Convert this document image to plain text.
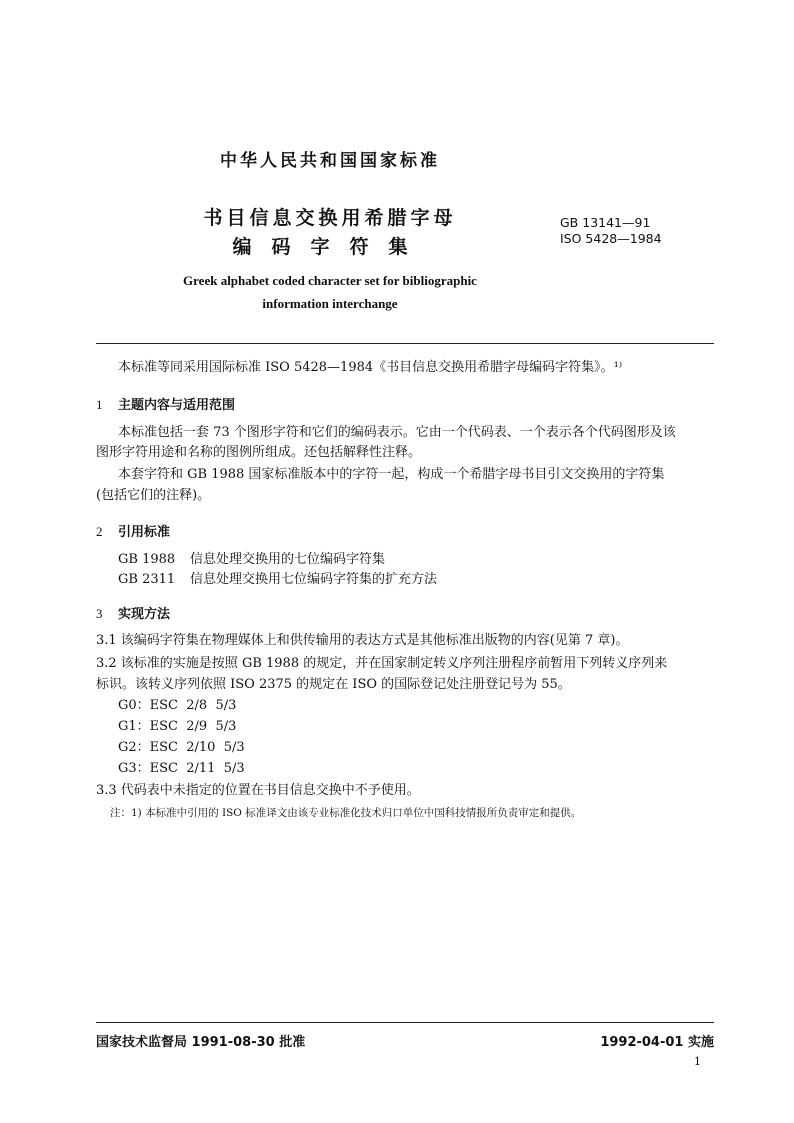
中华人民共和国国家标准
书目信息交换用希腊字母
编码字符集
GB 13141—91
ISO 5428—1984
Greek alphabet coded character set for bibliographic
information interchange
本标准等同采用国际标准 ISO 5428—1984《书目信息交换用希腊字母编码字符集》。¹⁾
1 主题内容与适用范围
本标准包括一套 73 个图形字符和它们的编码表示。它由一个代码表、一个表示各个代码图形及该
图形字符用途和名称的图例所组成。还包括解释性注释。
本套字符和 GB 1988 国家标准版本中的字符一起，构成一个希腊字母书目引文交换用的字符集
(包括它们的注释)。
2 引用标准
GB 1988 信息处理交换用的七位编码字符集
GB 2311 信息处理交换用七位编码字符集的扩充方法
3 实现方法
3.1 该编码字符集在物理媒体上和供传输用的表达方式是其他标准出版物的内容(见第 7 章)。
3.2 该标准的实施是按照 GB 1988 的规定，并在国家制定转义序列注册程序前暂用下列转义序列来
标识。该转义序列依照 ISO 2375 的规定在 ISO 的国际登记处注册登记号为 55。
G0：ESC  2/8  5/3
G1：ESC  2/9  5/3
G2：ESC  2/10  5/3
G3：ESC  2/11  5/3
3.3 代码表中未指定的位置在书目信息交换中不予使用。
注：1) 本标准中引用的 ISO 标准译文由该专业标准化技术归口单位中国科技情报所负责审定和提供。
国家技术监督局 1991-08-30 批准	1992-04-01 实施
1
